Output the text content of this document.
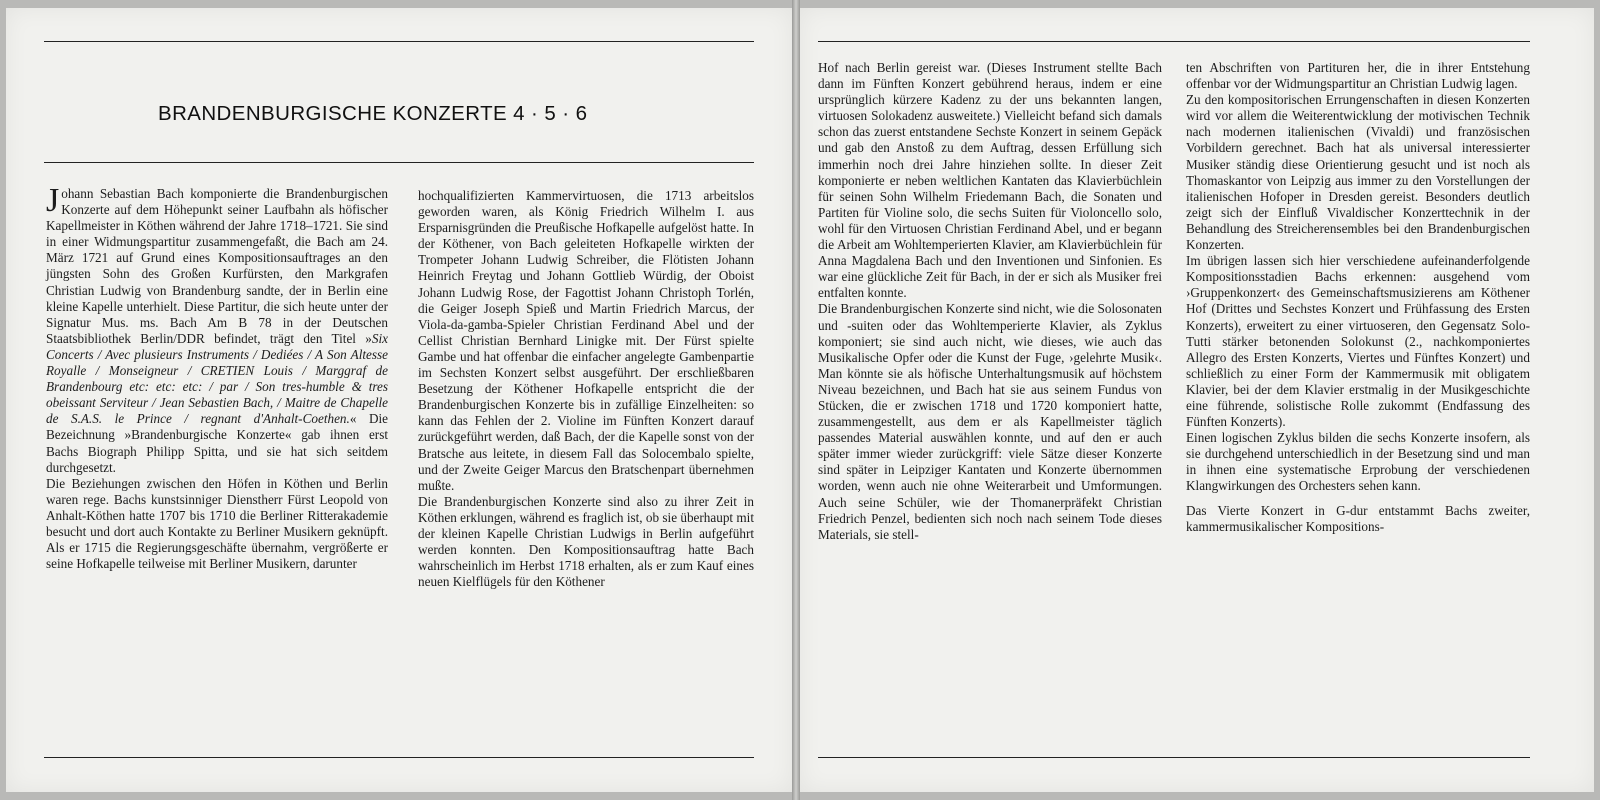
BRANDENBURGISCHE KONZERTE 4 · 5 · 6

Johann Sebastian Bach komponierte die Brandenburgischen Konzerte auf dem Höhepunkt seiner Laufbahn als höfischer Kapellmeister in Köthen während der Jahre 1718–1721. Sie sind in einer Widmungspartitur zusammengefaßt, die Bach am 24. März 1721 auf Grund eines Kompositionsauftrages an den jüngsten Sohn des Großen Kurfürsten, den Markgrafen Christian Ludwig von Brandenburg sandte, der in Berlin eine kleine Kapelle unterhielt. Diese Partitur, die sich heute unter der Signatur Mus. ms. Bach Am B 78 in der Deutschen Staatsbibliothek Berlin/DDR befindet, trägt den Titel »Six Concerts / Avec plusieurs Instruments / Dediées / A Son Altesse Royalle / Monseigneur / CRETIEN Louis / Marggraf de Brandenbourg etc: etc: etc: / par / Son tres-humble & tres obeissant Serviteur / Jean Sebastien Bach, / Maitre de Chapelle de S.A.S. le Prince / regnant d'Anhalt-Coethen.« Die Bezeichnung »Brandenburgische Konzerte« gab ihnen erst Bachs Biograph Philipp Spitta, und sie hat sich seitdem durchgesetzt.

Die Beziehungen zwischen den Höfen in Köthen und Berlin waren rege. Bachs kunstsinniger Dienstherr Fürst Leopold von Anhalt-Köthen hatte 1707 bis 1710 die Berliner Ritterakademie besucht und dort auch Kontakte zu Berliner Musikern geknüpft. Als er 1715 die Regierungsgeschäfte übernahm, vergrößerte er seine Hofkapelle teilweise mit Berliner Musikern, darunter

hochqualifizierten Kammervirtuosen, die 1713 arbeitslos geworden waren, als König Friedrich Wilhelm I. aus Ersparnisgründen die Preußische Hofkapelle aufgelöst hatte. In der Köthener, von Bach geleiteten Hofkapelle wirkten der Trompeter Johann Ludwig Schreiber, die Flötisten Johann Heinrich Freytag und Johann Gottlieb Würdig, der Oboist Johann Ludwig Rose, der Fagottist Johann Christoph Torlén, die Geiger Joseph Spieß und Martin Friedrich Marcus, der Viola-da-gamba-Spieler Christian Ferdinand Abel und der Cellist Christian Bernhard Linigke mit. Der Fürst spielte Gambe und hat offenbar die einfacher angelegte Gambenpartie im Sechsten Konzert selbst ausgeführt. Der erschließbaren Besetzung der Köthener Hofkapelle entspricht die der Brandenburgischen Konzerte bis in zufällige Einzelheiten: so kann das Fehlen der 2. Violine im Fünften Konzert darauf zurückgeführt werden, daß Bach, der die Kapelle sonst von der Bratsche aus leitete, in diesem Fall das Solocembalo spielte, und der Zweite Geiger Marcus den Bratschenpart übernehmen mußte.

Die Brandenburgischen Konzerte sind also zu ihrer Zeit in Köthen erklungen, während es fraglich ist, ob sie überhaupt mit der kleinen Kapelle Christian Ludwigs in Berlin aufgeführt werden konnten. Den Kompositionsauftrag hatte Bach wahrscheinlich im Herbst 1718 erhalten, als er zum Kauf eines neuen Kielflügels für den Köthener

Hof nach Berlin gereist war. (Dieses Instrument stellte Bach dann im Fünften Konzert gebührend heraus, indem er eine ursprünglich kürzere Kadenz zu der uns bekannten langen, virtuosen Solokadenz ausweitete.) Vielleicht befand sich damals schon das zuerst entstandene Sechste Konzert in seinem Gepäck und gab den Anstoß zu dem Auftrag, dessen Erfüllung sich immerhin noch drei Jahre hinziehen sollte. In dieser Zeit komponierte er neben weltlichen Kantaten das Klavierbüchlein für seinen Sohn Wilhelm Friedemann Bach, die Sonaten und Partiten für Violine solo, die sechs Suiten für Violoncello solo, wohl für den Virtuosen Christian Ferdinand Abel, und er begann die Arbeit am Wohltemperierten Klavier, am Klavierbüchlein für Anna Magdalena Bach und den Inventionen und Sinfonien. Es war eine glückliche Zeit für Bach, in der er sich als Musiker frei entfalten konnte.

Die Brandenburgischen Konzerte sind nicht, wie die Solosonaten und -suiten oder das Wohltemperierte Klavier, als Zyklus komponiert; sie sind auch nicht, wie dieses, wie auch das Musikalische Opfer oder die Kunst der Fuge, ›gelehrte Musik‹. Man könnte sie als höfische Unterhaltungsmusik auf höchstem Niveau bezeichnen, und Bach hat sie aus seinem Fundus von Stücken, die er zwischen 1718 und 1720 komponiert hatte, zusammengestellt, aus dem er als Kapellmeister täglich passendes Material auswählen konnte, und auf den er auch später immer wieder zurückgriff: viele Sätze dieser Konzerte sind später in Leipziger Kantaten und Konzerte übernommen worden, wenn auch nie ohne Weiterarbeit und Umformungen. Auch seine Schüler, wie der Thomanerpräfekt Christian Friedrich Penzel, bedienten sich noch nach seinem Tode dieses Materials, sie stell-

ten Abschriften von Partituren her, die in ihrer Entstehung offenbar vor der Widmungspartitur an Christian Ludwig lagen.

Zu den kompositorischen Errungenschaften in diesen Konzerten wird vor allem die Weiterentwicklung der motivischen Technik nach modernen italienischen (Vivaldi) und französischen Vorbildern gerechnet. Bach hat als universal interessierter Musiker ständig diese Orientierung gesucht und ist noch als Thomaskantor von Leipzig aus immer zu den Vorstellungen der italienischen Hofoper in Dresden gereist. Besonders deutlich zeigt sich der Einfluß Vivaldischer Konzerttechnik in der Behandlung des Streicherensembles bei den Brandenburgischen Konzerten.

Im übrigen lassen sich hier verschiedene aufeinanderfolgende Kompositionsstadien Bachs erkennen: ausgehend vom ›Gruppenkonzert‹ des Gemeinschaftsmusizierens am Köthener Hof (Drittes und Sechstes Konzert und Frühfassung des Ersten Konzerts), erweitert zu einer virtuoseren, den Gegensatz Solo-Tutti stärker betonenden Solokunst (2., nachkomponiertes Allegro des Ersten Konzerts, Viertes und Fünftes Konzert) und schließlich zu einer Form der Kammermusik mit obligatem Klavier, bei der dem Klavier erstmalig in der Musikgeschichte eine führende, solistische Rolle zukommt (Endfassung des Fünften Konzerts).

Einen logischen Zyklus bilden die sechs Konzerte insofern, als sie durchgehend unterschiedlich in der Besetzung sind und man in ihnen eine systematische Erprobung der verschiedenen Klangwirkungen des Orchesters sehen kann.

Das Vierte Konzert in G-dur entstammt Bachs zweiter, kammermusikalischer Kompositions-
